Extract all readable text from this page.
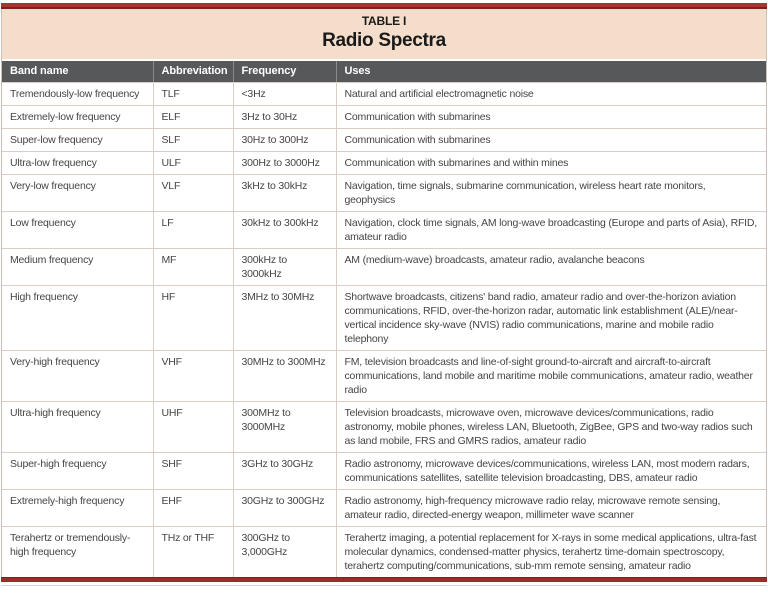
TABLE I
Radio Spectra
Band name	Abbreviation	Frequency	Uses
Tremendously-low frequency	TLF	<3Hz	Natural and artificial electromagnetic noise
Extremely-low frequency	ELF	3Hz to 30Hz	Communication with submarines
Super-low frequency	SLF	30Hz to 300Hz	Communication with submarines
Ultra-low frequency	ULF	300Hz to 3000Hz	Communication with submarines and within mines
Very-low frequency	VLF	3kHz to 30kHz	Navigation, time signals, submarine communication, wireless heart rate monitors, geophysics
Low frequency	LF	30kHz to 300kHz	Navigation, clock time signals, AM long-wave broadcasting (Europe and parts of Asia), RFID, amateur radio
Medium frequency	MF	300kHz to 3000kHz	AM (medium-wave) broadcasts, amateur radio, avalanche beacons
High frequency	HF	3MHz to 30MHz	Shortwave broadcasts, citizens' band radio, amateur radio and over-the-horizon aviation communications, RFID, over-the-horizon radar, automatic link establishment (ALE)/near-vertical incidence sky-wave (NVIS) radio communications, marine and mobile radio telephony
Very-high frequency	VHF	30MHz to 300MHz	FM, television broadcasts and line-of-sight ground-to-aircraft and aircraft-to-aircraft communications, land mobile and maritime mobile communications, amateur radio, weather radio
Ultra-high frequency	UHF	300MHz to 3000MHz	Television broadcasts, microwave oven, microwave devices/communications, radio astronomy, mobile phones, wireless LAN, Bluetooth, ZigBee, GPS and two-way radios such as land mobile, FRS and GMRS radios, amateur radio
Super-high frequency	SHF	3GHz to 30GHz	Radio astronomy, microwave devices/communications, wireless LAN, most modern radars, communications satellites, satellite television broadcasting, DBS, amateur radio
Extremely-high frequency	EHF	30GHz to 300GHz	Radio astronomy, high-frequency microwave radio relay, microwave remote sensing, amateur radio, directed-energy weapon, millimeter wave scanner
Terahertz or tremendously-high frequency	THz or THF	300GHz to 3,000GHz	Terahertz imaging, a potential replacement for X-rays in some medical applications, ultra-fast molecular dynamics, condensed-matter physics, terahertz time-domain spectroscopy, terahertz computing/communications, sub-mm remote sensing, amateur radio
